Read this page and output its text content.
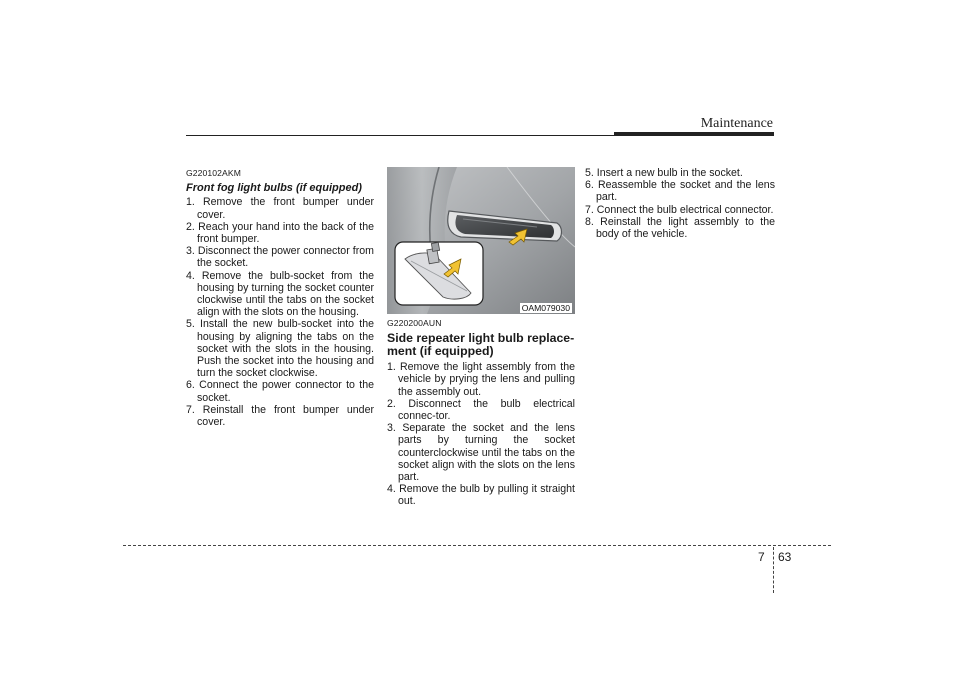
Maintenance
G220102AKM
Front fog light bulbs (if equipped)
1. Remove the front bumper under cover.
2. Reach your hand into the back of the front bumper.
3. Disconnect the power connector from the socket.
4. Remove the bulb-socket from the housing by turning the socket counter clockwise until the tabs on the socket align with the slots on the housing.
5. Install the new bulb-socket into the housing by aligning the tabs on the socket with the slots in the housing. Push the socket into the housing and turn the socket clockwise.
6. Connect the power connector to the socket.
7. Reinstall the front bumper under cover.
OAM079030
G220200AUN
Side repeater light bulb replace-ment (if equipped)
1. Remove the light assembly from the vehicle by prying the lens and pulling the assembly out.
2. Disconnect the bulb electrical connec-tor.
3. Separate the socket and the lens parts by turning the socket counterclockwise until the tabs on the socket align with the slots on the lens part.
4. Remove the bulb by pulling it straight out.
5. Insert a new bulb in the socket.
6. Reassemble the socket and the lens part.
7. Connect the bulb electrical connector.
8. Reinstall the light assembly to the body of the vehicle.
7 63
